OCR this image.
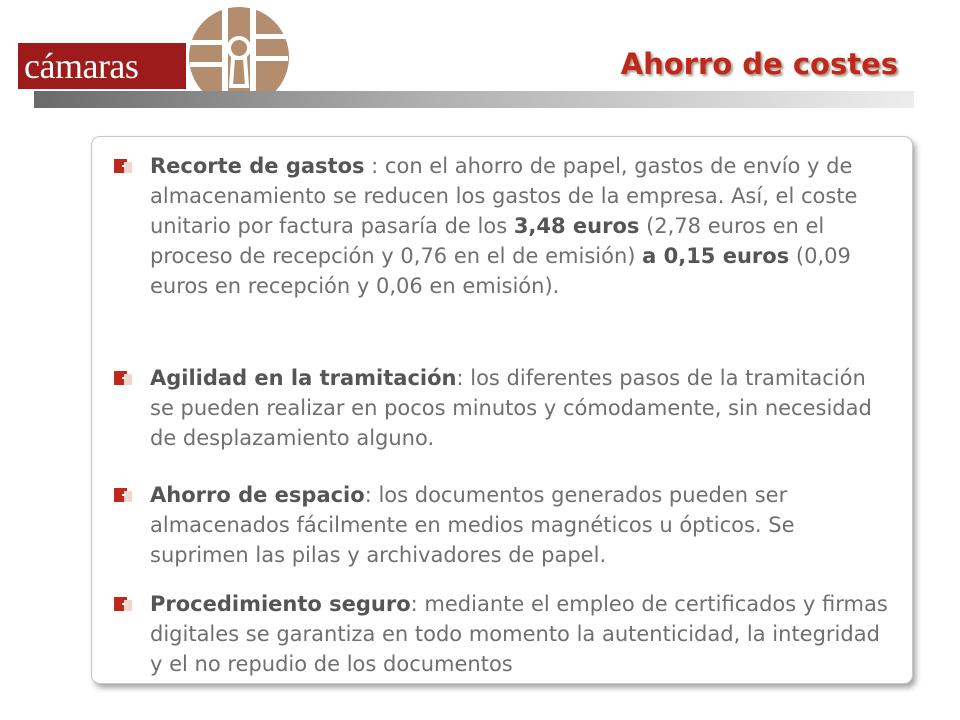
cámaras	Ahorro de costes
Recorte de gastos : con el ahorro de papel, gastos de envío y de almacenamiento se reducen los gastos de la empresa. Así, el coste unitario por factura pasaría de los 3,48 euros (2,78 euros en el proceso de recepción y 0,76 en el de emisión) a 0,15 euros (0,09 euros en recepción y 0,06 en emisión).
Agilidad en la tramitación: los diferentes pasos de la tramitación se pueden realizar en pocos minutos y cómodamente, sin necesidad de desplazamiento alguno.
Ahorro de espacio: los documentos generados pueden ser almacenados fácilmente en medios magnéticos u ópticos. Se suprimen las pilas y archivadores de papel.
Procedimiento seguro: mediante el empleo de certificados y firmas digitales se garantiza en todo momento la autenticidad, la integridad y el no repudio de los documentos
